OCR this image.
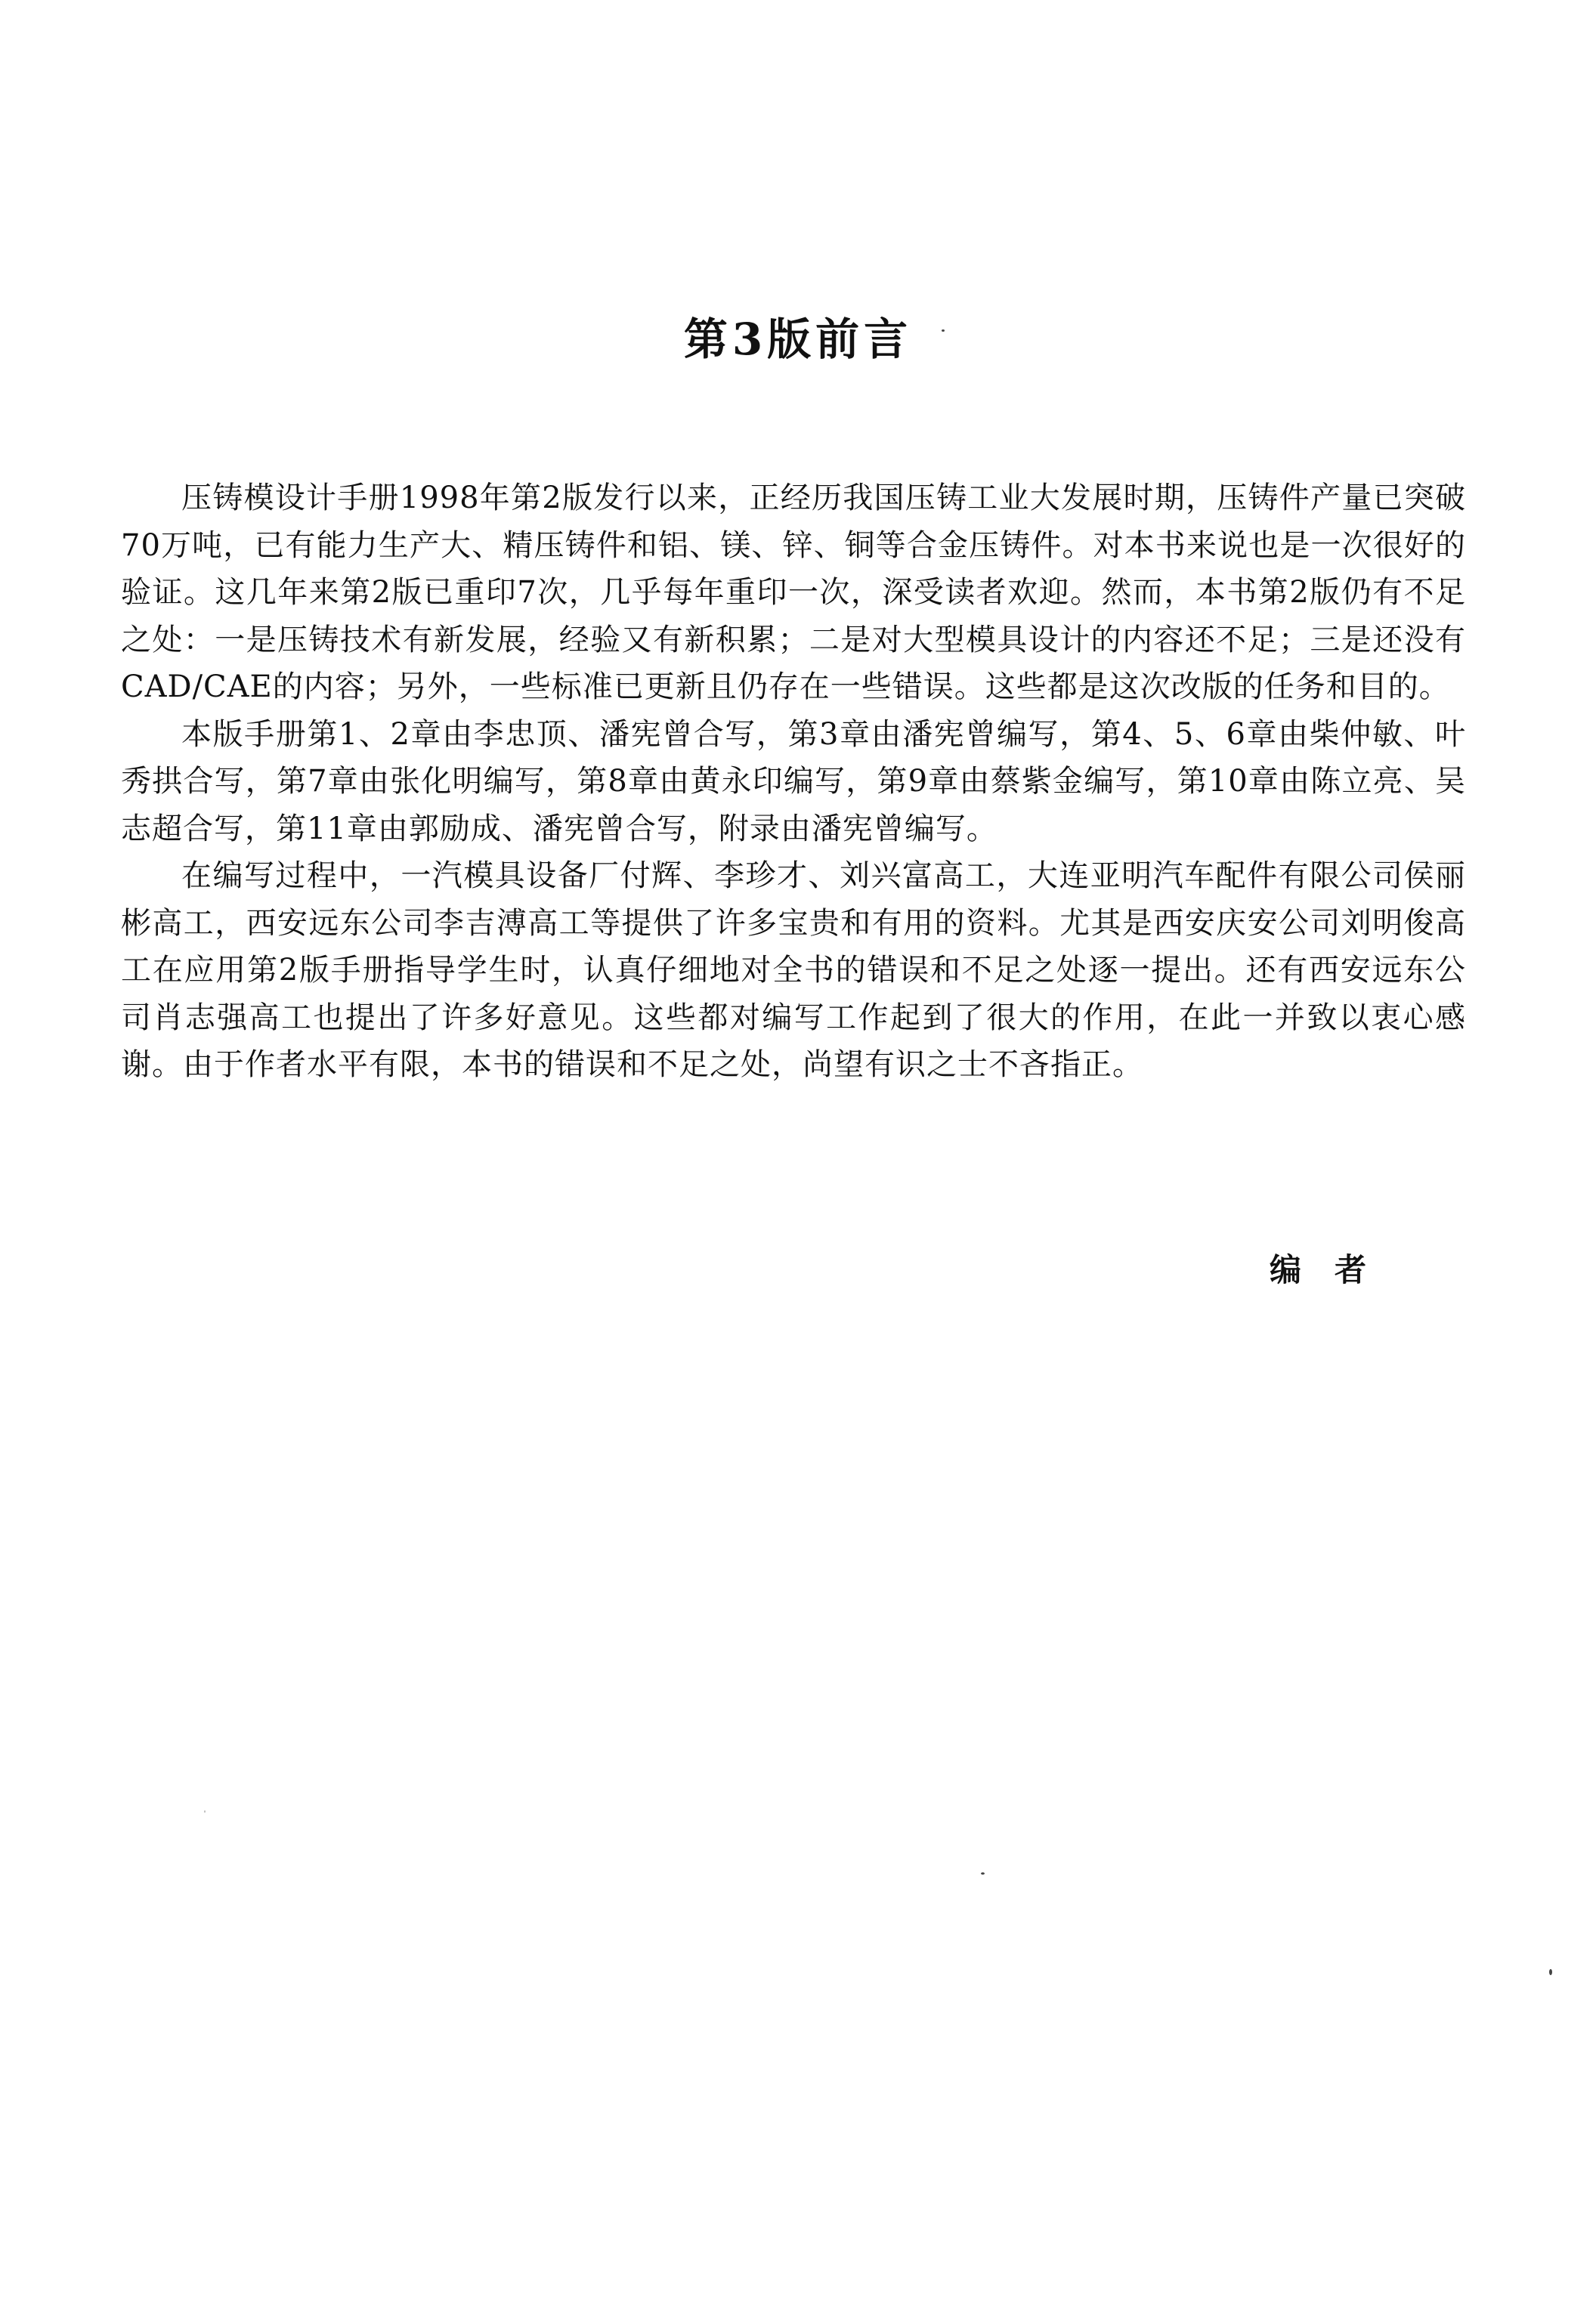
第3版前言

压铸模设计手册1998年第2版发行以来，正经历我国压铸工业大发展时期，压铸件产量已突破70万吨，已有能力生产大、精压铸件和铝、镁、锌、铜等合金压铸件。对本书来说也是一次很好的验证。这几年来第2版已重印7次，几乎每年重印一次，深受读者欢迎。然而，本书第2版仍有不足之处：一是压铸技术有新发展，经验又有新积累；二是对大型模具设计的内容还不足；三是还没有CAD/CAE的内容；另外，一些标准已更新且仍存在一些错误。这些都是这次改版的任务和目的。

本版手册第1、2章由李忠顶、潘宪曾合写，第3章由潘宪曾编写，第4、5、6章由柴仲敏、叶秀拱合写，第7章由张化明编写，第8章由黄永印编写，第9章由蔡紫金编写，第10章由陈立亮、吴志超合写，第11章由郭励成、潘宪曾合写，附录由潘宪曾编写。

在编写过程中，一汽模具设备厂付辉、李珍才、刘兴富高工，大连亚明汽车配件有限公司侯丽彬高工，西安远东公司李吉溥高工等提供了许多宝贵和有用的资料。尤其是西安庆安公司刘明俊高工在应用第2版手册指导学生时，认真仔细地对全书的错误和不足之处逐一提出。还有西安远东公司肖志强高工也提出了许多好意见。这些都对编写工作起到了很大的作用，在此一并致以衷心感谢。由于作者水平有限，本书的错误和不足之处，尚望有识之士不吝指正。

编者
